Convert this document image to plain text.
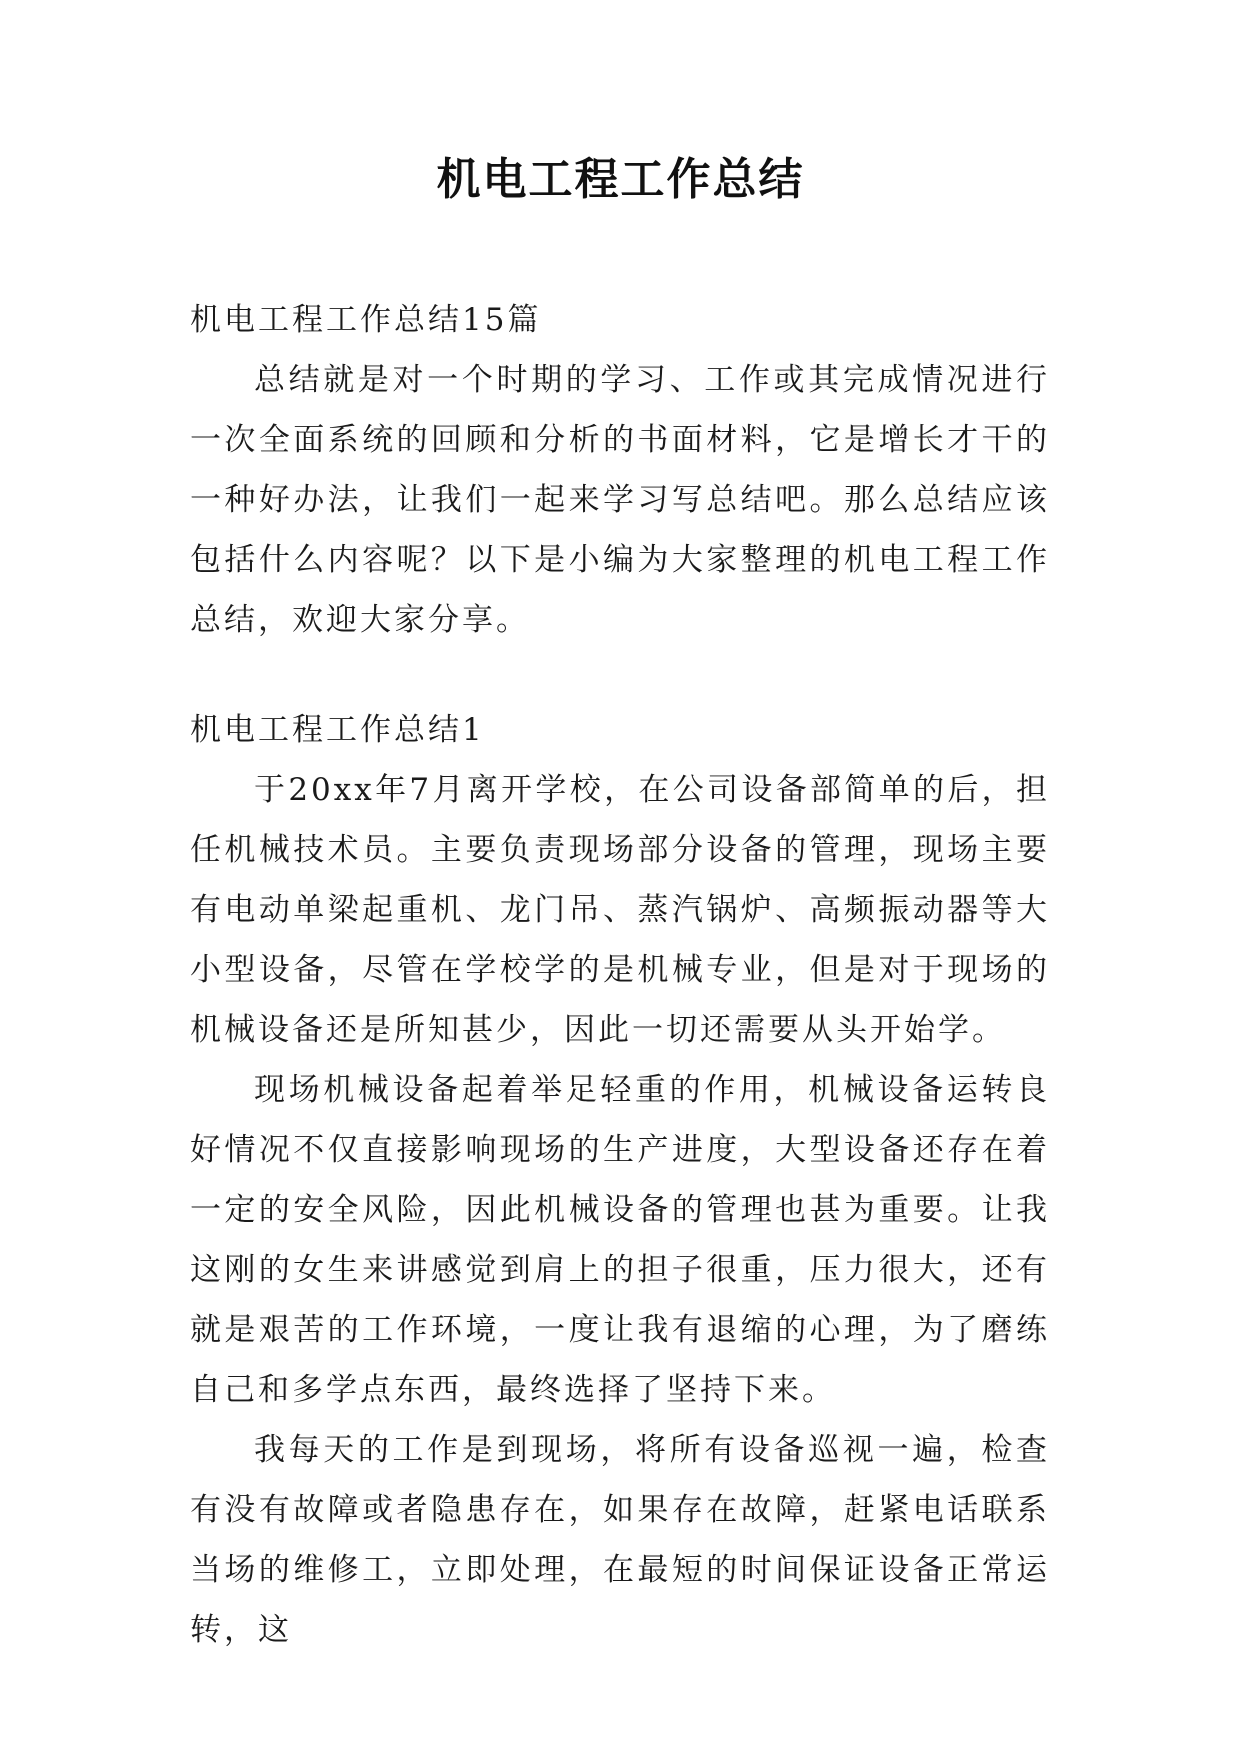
机电工程工作总结

机电工程工作总结15篇

总结就是对一个时期的学习、工作或其完成情况进行一次全面系统的回顾和分析的书面材料，它是增长才干的一种好办法，让我们一起来学习写总结吧。那么总结应该包括什么内容呢？以下是小编为大家整理的机电工程工作总结，欢迎大家分享。

机电工程工作总结1

于20xx年7月离开学校，在公司设备部简单的后，担任机械技术员。主要负责现场部分设备的管理，现场主要有电动单梁起重机、龙门吊、蒸汽锅炉、高频振动器等大小型设备，尽管在学校学的是机械专业，但是对于现场的机械设备还是所知甚少，因此一切还需要从头开始学。

现场机械设备起着举足轻重的作用，机械设备运转良好情况不仅直接影响现场的生产进度，大型设备还存在着一定的安全风险，因此机械设备的管理也甚为重要。让我这刚的女生来讲感觉到肩上的担子很重，压力很大，还有就是艰苦的工作环境，一度让我有退缩的心理，为了磨练自己和多学点东西，最终选择了坚持下来。

我每天的工作是到现场，将所有设备巡视一遍，检查有没有故障或者隐患存在，如果存在故障，赶紧电话联系当场的维修工，立即处理，在最短的时间保证设备正常运转，这
